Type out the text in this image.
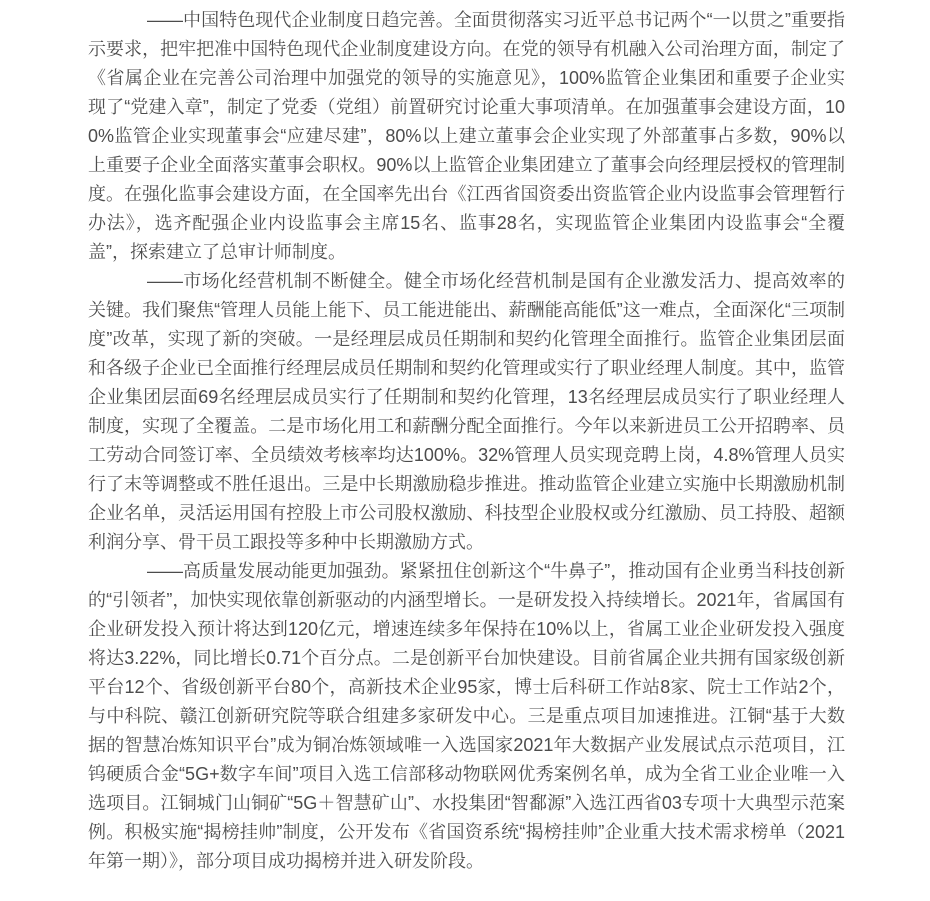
——中国特色现代企业制度日趋完善。全面贯彻落实习近平总书记两个“一以贯之”重要指示要求，把牢把准中国特色现代企业制度建设方向。在党的领导有机融入公司治理方面，制定了《省属企业在完善公司治理中加强党的领导的实施意见》，100%监管企业集团和重要子企业实现了“党建入章”，制定了党委（党组）前置研究讨论重大事项清单。在加强董事会建设方面，100%监管企业实现董事会“应建尽建”，80%以上建立董事会企业实现了外部董事占多数，90%以上重要子企业全面落实董事会职权。90%以上监管企业集团建立了董事会向经理层授权的管理制度。在强化监事会建设方面，在全国率先出台《江西省国资委出资监管企业内设监事会管理暂行办法》，选齐配强企业内设监事会主席15名、监事28名，实现监管企业集团内设监事会“全覆盖”，探索建立了总审计师制度。

——市场化经营机制不断健全。健全市场化经营机制是国有企业激发活力、提高效率的关键。我们聚焦“管理人员能上能下、员工能进能出、薪酬能高能低”这一难点，全面深化“三项制度”改革，实现了新的突破。一是经理层成员任期制和契约化管理全面推行。监管企业集团层面和各级子企业已全面推行经理层成员任期制和契约化管理或实行了职业经理人制度。其中，监管企业集团层面69名经理层成员实行了任期制和契约化管理，13名经理层成员实行了职业经理人制度，实现了全覆盖。二是市场化用工和薪酬分配全面推行。今年以来新进员工公开招聘率、员工劳动合同签订率、全员绩效考核率均达100%。32%管理人员实现竞聘上岗，4.8%管理人员实行了末等调整或不胜任退出。三是中长期激励稳步推进。推动监管企业建立实施中长期激励机制企业名单，灵活运用国有控股上市公司股权激励、科技型企业股权或分红激励、员工持股、超额利润分享、骨干员工跟投等多种中长期激励方式。

——高质量发展动能更加强劲。紧紧扭住创新这个“牛鼻子”，推动国有企业勇当科技创新的“引领者”，加快实现依靠创新驱动的内涵型增长。一是研发投入持续增长。2021年，省属国有企业研发投入预计将达到120亿元，增速连续多年保持在10%以上，省属工业企业研发投入强度将达3.22%，同比增长0.71个百分点。二是创新平台加快建设。目前省属企业共拥有国家级创新平台12个、省级创新平台80个，高新技术企业95家，博士后科研工作站8家、院士工作站2个，与中科院、赣江创新研究院等联合组建多家研发中心。三是重点项目加速推进。江铜“基于大数据的智慧冶炼知识平台”成为铜冶炼领域唯一入选国家2021年大数据产业发展试点示范项目，江钨硬质合金“5G+数字车间”项目入选工信部移动物联网优秀案例名单，成为全省工业企业唯一入选项目。江铜城门山铜矿“5G＋智慧矿山”、水投集团“智鄱源”入选江西省03专项十大典型示范案例。积极实施“揭榜挂帅”制度，公开发布《省国资系统“揭榜挂帅”企业重大技术需求榜单（2021年第一期）》，部分项目成功揭榜并进入研发阶段。
